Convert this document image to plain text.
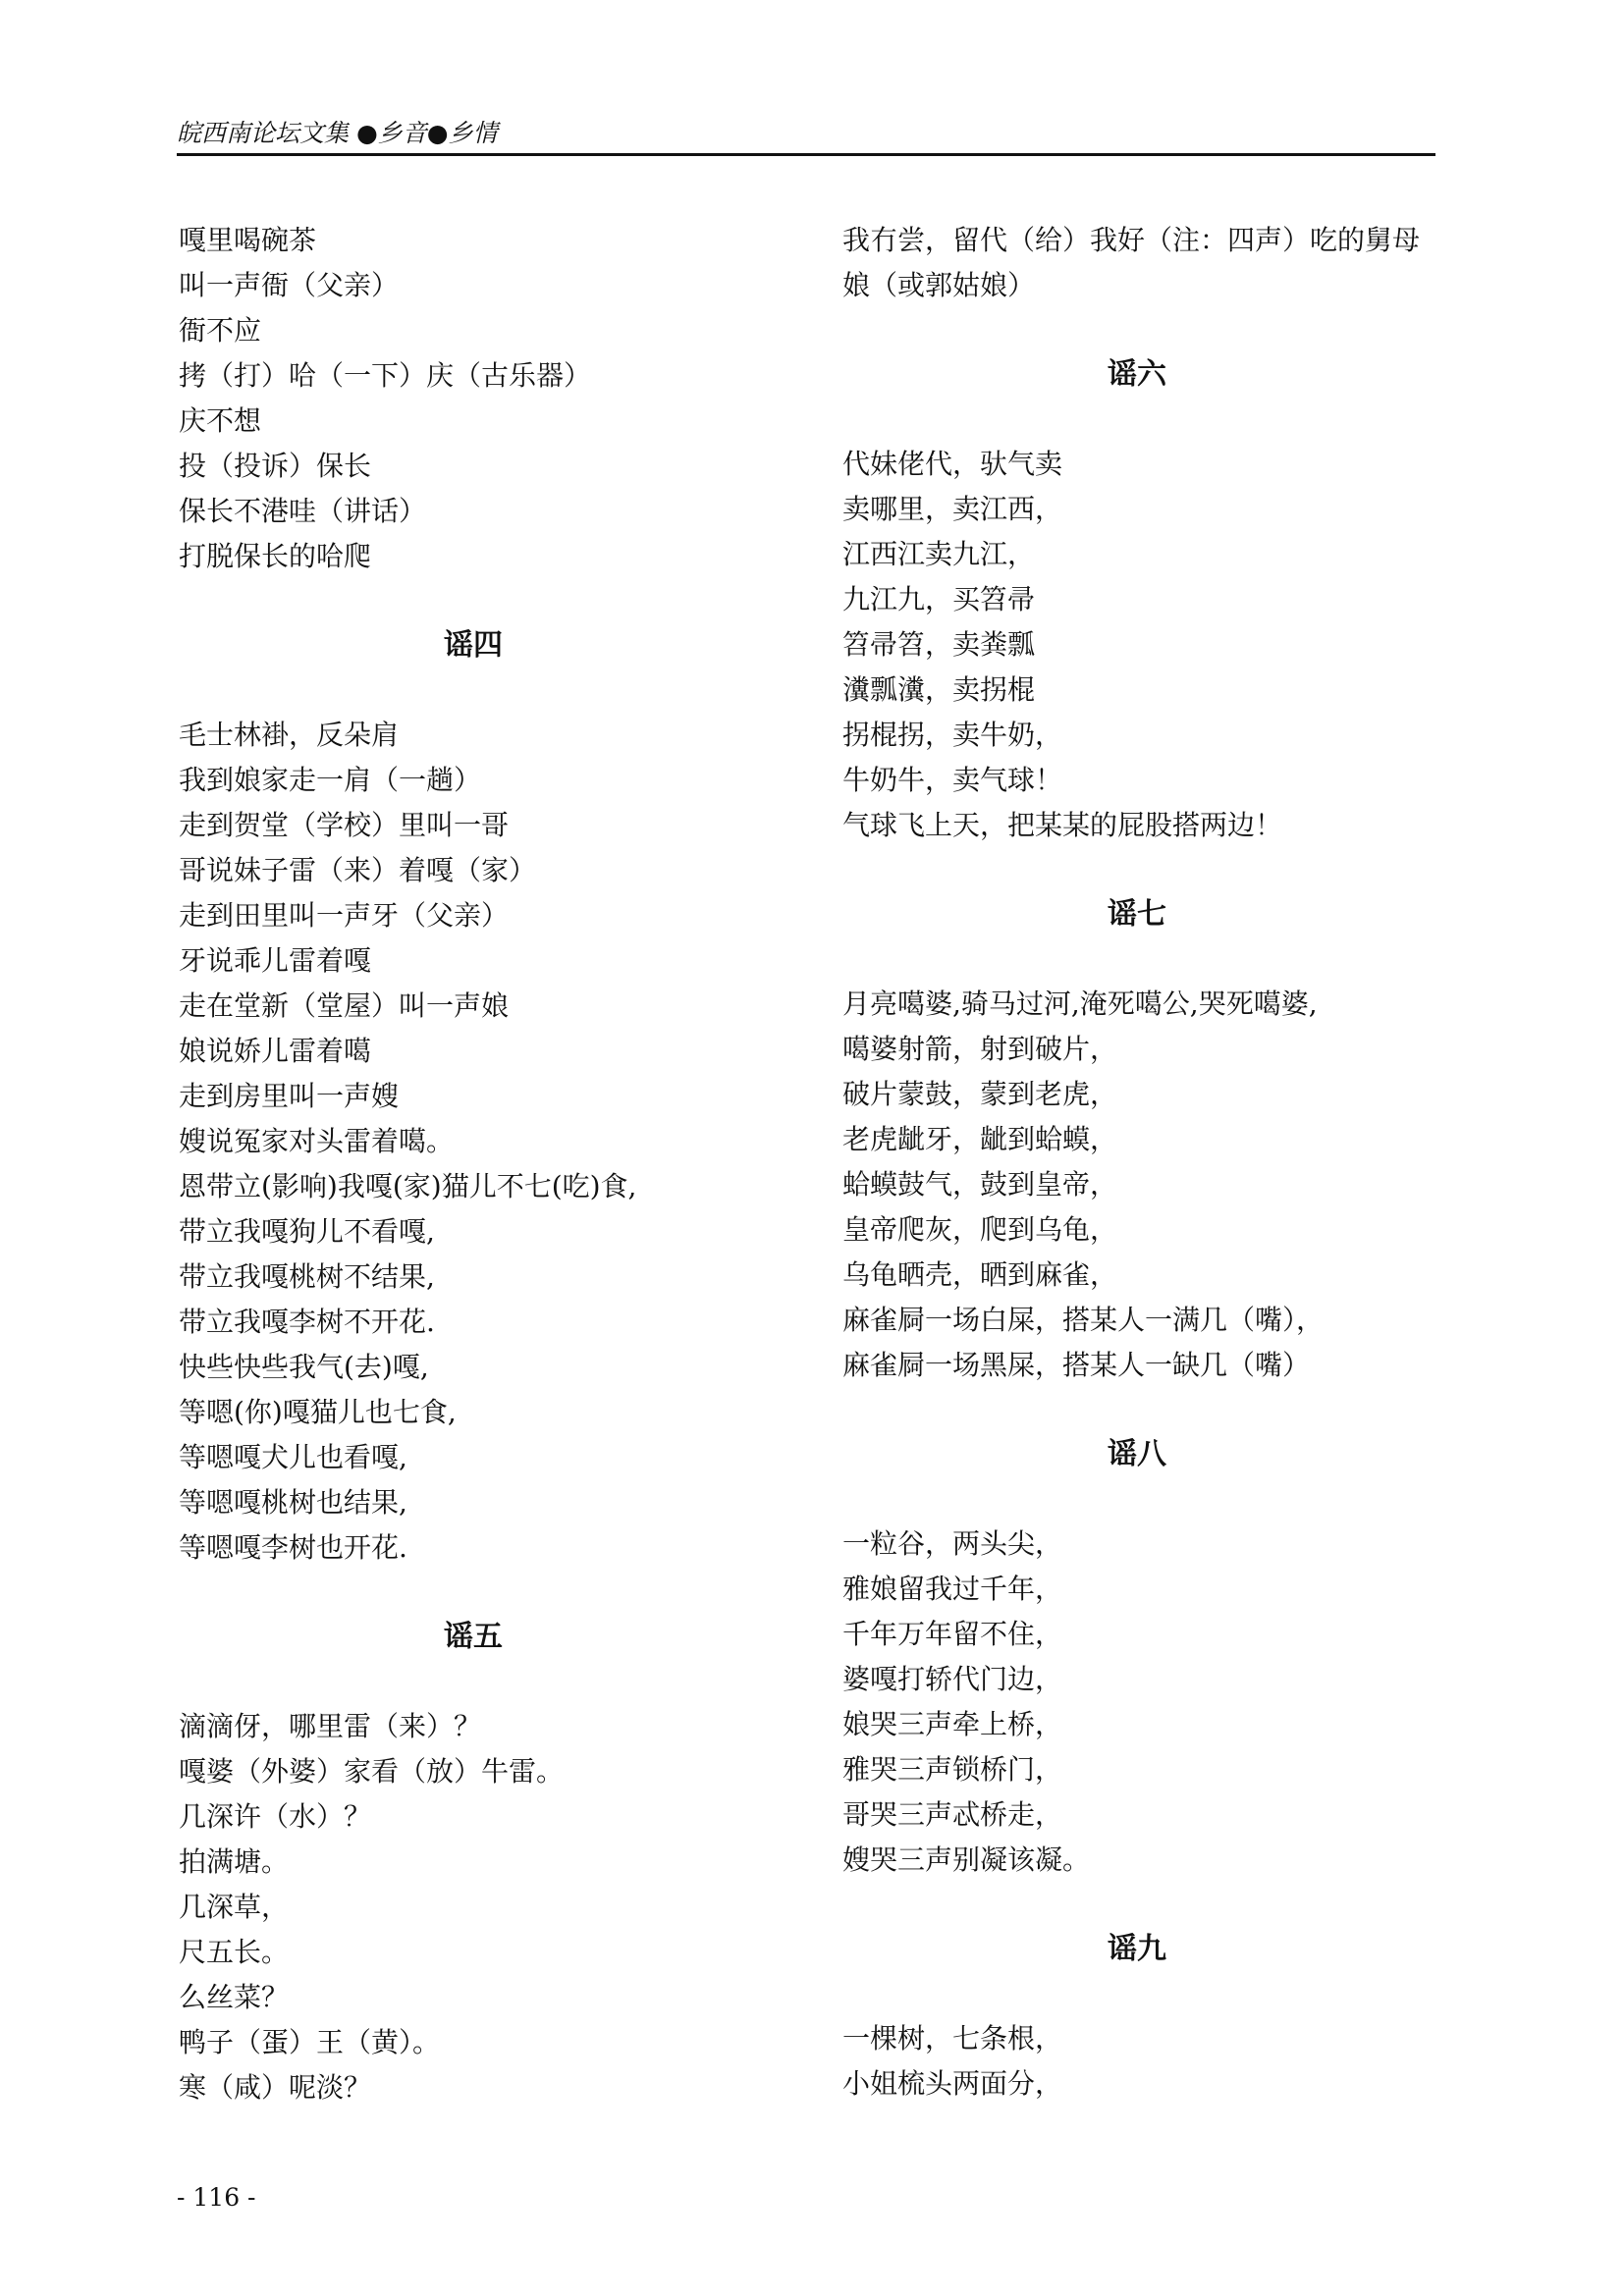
皖西南论坛文集 ●乡音●乡情
嘎里喝碗茶
叫一声衙（父亲）
衙不应
拷（打）哈（一下）庆（古乐器）
庆不想
投（投诉）保长
保长不港哇（讲话）
打脱保长的哈爬
谣四
毛士林褂，反朵肩
我到娘家走一肩（一趟）
走到贺堂（学校）里叫一哥
哥说妹子雷（来）着嘎（家）
走到田里叫一声牙（父亲）
牙说乖儿雷着嘎
走在堂新（堂屋）叫一声娘
娘说娇儿雷着噶
走到房里叫一声嫂
嫂说冤家对头雷着噶。
恩带立(影响)我嘎(家)猫儿不七(吃)食,
带立我嘎狗儿不看嘎,
带立我嘎桃树不结果,
带立我嘎李树不开花.
快些快些我气(去)嘎,
等嗯(你)嘎猫儿也七食,
等嗯嘎犬儿也看嘎,
等嗯嘎桃树也结果,
等嗯嘎李树也开花.
谣五
滴滴伢，哪里雷（来）？
嘎婆（外婆）家看（放）牛雷。
几深许（水）？
拍满塘。
几深草，
尺五长。
么丝菜？
鸭子（蛋）王（黄）。
寒（咸）呢淡？
我冇尝，留代（给）我好（注：四声）吃的舅母
娘（或郭姑娘）
谣六
代妹佬代，驮气卖
卖哪里，卖江西，
江西江卖九江，
九江九，买笤帚
笤帚笤，卖粪瓢
瀵瓢瀵，卖拐棍
拐棍拐，卖牛奶，
牛奶牛，卖气球！
气球飞上天，把某某的屁股搭两边！
谣七
月亮噶婆,骑马过河,淹死噶公,哭死噶婆,
噶婆射箭，射到破片，
破片蒙鼓，蒙到老虎，
老虎龇牙，龇到蛤蟆，
蛤蟆鼓气，鼓到皇帝，
皇帝爬灰，爬到乌龟，
乌龟晒壳，晒到麻雀，
麻雀屙一场白屎，搭某人一满几（嘴），
麻雀屙一场黑屎，搭某人一缺几（嘴）
谣八
一粒谷，两头尖，
雅娘留我过千年，
千年万年留不住，
婆嘎打轿代门边，
娘哭三声牵上桥，
雅哭三声锁桥门，
哥哭三声忒桥走，
嫂哭三声别凝该凝。
谣九
一棵树，七条根，
小姐梳头两面分，
- 116 -
